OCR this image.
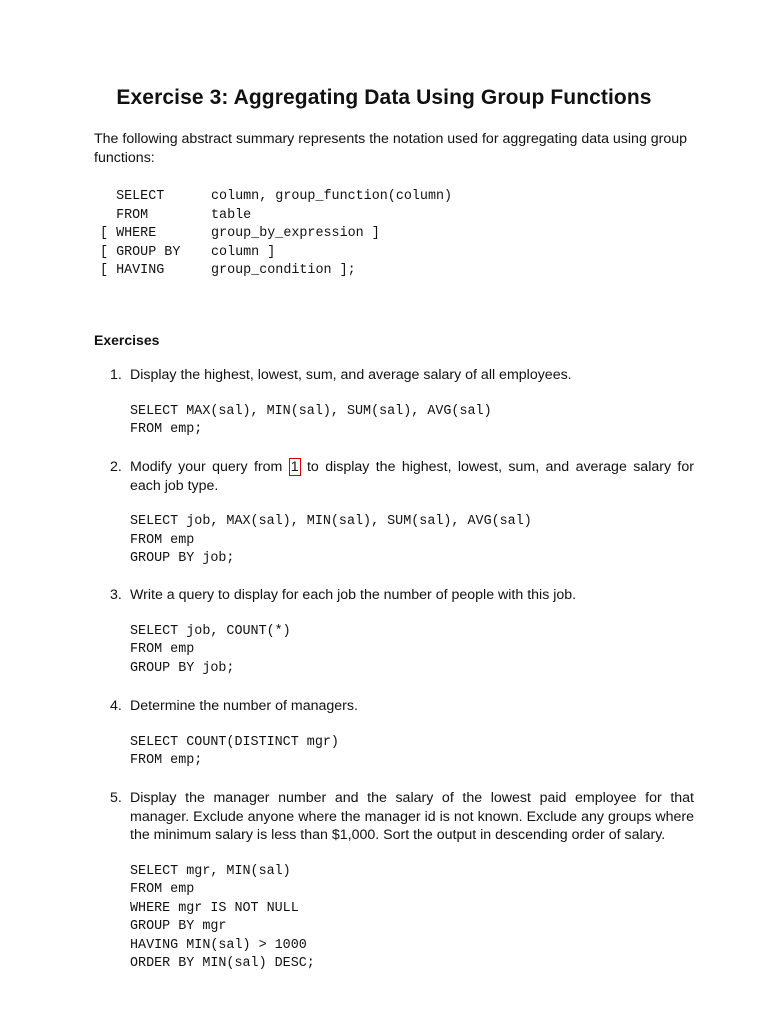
Exercise 3: Aggregating Data Using Group Functions

The following abstract summary represents the notation used for aggregating data using group functions:

SELECT	column, group_function(column)
FROM	table
[ WHERE	group_by_expression ]
[ GROUP BY	column ]
[ HAVING	group_condition ];
Exercises
1. Display the highest, lowest, sum, and average salary of all employees.
SELECT MAX(sal), MIN(sal), SUM(sal), AVG(sal)
FROM emp;
2. Modify your query from 1 to display the highest, lowest, sum, and average salary for each job type.
SELECT job, MAX(sal), MIN(sal), SUM(sal), AVG(sal)
FROM emp
GROUP BY job;
3. Write a query to display for each job the number of people with this job.
SELECT job, COUNT(*)
FROM emp
GROUP BY job;
4. Determine the number of managers.
SELECT COUNT(DISTINCT mgr)
FROM emp;
5. Display the manager number and the salary of the lowest paid employee for that manager. Exclude anyone where the manager id is not known. Exclude any groups where the minimum salary is less than $1,000. Sort the output in descending order of salary.
SELECT mgr, MIN(sal)
FROM emp
WHERE mgr IS NOT NULL
GROUP BY mgr
HAVING MIN(sal) > 1000
ORDER BY MIN(sal) DESC;
